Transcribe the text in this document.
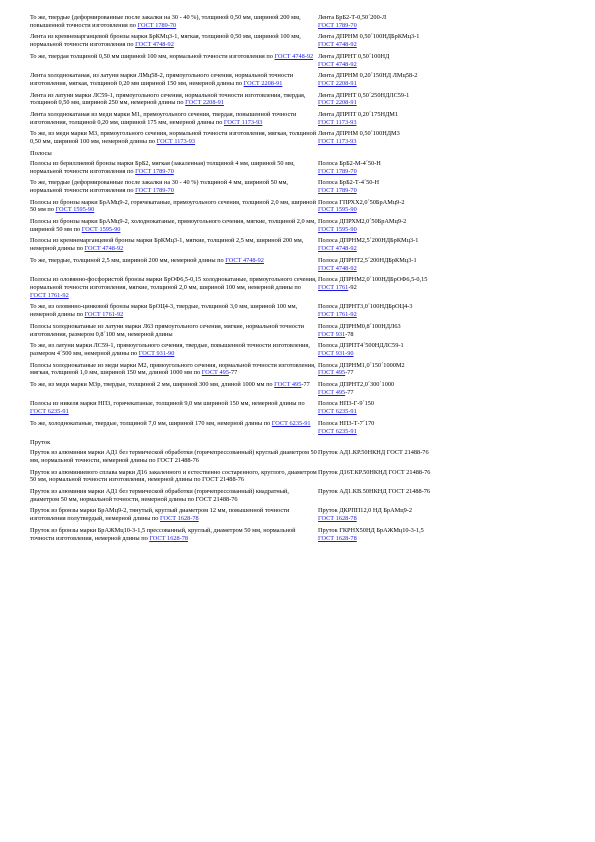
То же, твердые (деформированные после закалки на 30 - 40 %), толщиной 0,50 мм, шириной 200 мм, повышенной точности изготовления по ГОСТ 1789-70
Лента БрБ2-Т-0,50´200-Л
ГОСТ 1789-70
Лента из кремнемарганцевой бронзы марки БрКМц3-1, мягкая, толщиной 0,50 мм, шириной 100 мм, нормальной точности изготовления по ГОСТ 4748-92
Лента ДПРНМ 0,50´100НДБрКМц3-1
ГОСТ 4748-92
То же, твердая толщиной 0,50 мм шириной 100 мм, нормальной точности изготовления по ГОСТ 4748-92 Лента ДПРНТ 0,50´100НД
ГОСТ 4748-92
Лента холоднокатаная, из латуни марки ЛМц58-2, прямоугольного сечения, нормальной точности изготовления, мягкая, толщиной 0,20 мм шириной 150 мм, немерной длины по ГОСТ 2208-91
Лента ДПРНМ 0,20´150НД ЛМц58-2
ГОСТ 2208-91
Лента из латуни марки ЛС59-1, прямоугольного сечения, нормальной точности изготовления, твердая, толщиной 0,50 мм, шириной 250 мм, немерной длины по ГОСТ 2208-91
Лента ДПРНТ 0,50´250НДЛС59-1
ГОСТ 2208-91
Лента холоднокатаная из меди марки М1, прямоугольного сечения, твердая, повышенной точности изготовления, толщиной 0,20 мм, шириной 175 мм, немерной длины по ГОСТ 1173-93
Лента ДПРПТ 0,20´175НДМ1
ГОСТ 1173-93
То же, из меди марки М3, прямоугольного сечения, нормальной точности изготовления, мягкая, толщиной 0,50 мм, шириной 100 мм, немерной длины по ГОСТ 1173-93
Лента ДПРНМ 0,50´100НДМ3
ГОСТ 1173-93
Полосы
Полосы из бериллиевой бронзы марки БрБ2, мягкая (закаленная) толщиной 4 мм, шириной 50 мм, нормальной точности изготовления по ГОСТ 1789-70
Полоса БрБ2-М-4´50-Н
ГОСТ 1789-70
То же, твердые (деформированные после закалки на 30 - 40 %) толщиной 4 мм, шириной 50 мм, нормальной точности изготовления по ГОСТ 1789-70
Полоса БрБ2-Т-4´50-Н
ГОСТ 1789-70
Полосы из бронзы марки БрАМц9-2, горячекатаные, прямоугольного сечения, толщиной 2,0 мм, шириной 50 мм по ГОСТ 1595-90
Полоса ГПРХХ2,0´50БрАМц9-2
ГОСТ 1595-90
Полосы из бронзы марки БрАМц9-2, холоднокатаные, прямоугольного сечения, мягкие, толщиной 2,0 мм, шириной 50 мм по ГОСТ 1595-90
Полоса ДПРХМ2,0´50БрАМц9-2
ГОСТ 1595-90
Полосы из кремнемарганцевой бронзы марки БрКМц3-1, мягкие, толщиной 2,5 мм, шириной 200 мм, немерной длины по ГОСТ 4748-92
Полоса ДПРНМ2,5´200НДБрКМц3-1
ГОСТ 4748-92
То же, твердые, толщиной 2,5 мм, шириной 200 мм, немерной длины по ГОСТ 4748-92	Полоса ДПРНТ2,5´200НДБрКМц3-1
ГОСТ 4748-92
Полосы из оловянно-фосфористой бронзы марки БрОФ6,5-0,15 холоднокатаные, прямоугольного сечения, нормальной точности изготовления, мягкие, толщиной 2,0 мм, шириной 100 мм, немерной длины по ГОСТ 1761-92
Полоса ДПРНМ2,0´100НДБрОФ6,5-0,15
ГОСТ 1761-92
То же, из оловянно-цинковой бронзы марки БрОЦ4-3, твердые, толщиной 3,0 мм, шириной 100 мм, немерной длины по ГОСТ 1761-92
Полоса ДПРНТ3,0´100НДБрОЦ4-3
ГОСТ 1761-92
Полосы холоднокатаные из латуни марки Л63 прямоугольного сечения, мягкие, нормальной точности изготовления, размером 0,8´100 мм, немерной длины
Полоса ДПРНМ0,8´100НДЛ63
ГОСТ 931-78
То же, из латуни марки ЛС59-1, прямоугольного сечения, твердые, повышенной точности изготовления, размером 4´500 мм, немерной длины по ГОСТ 931-90
Полоса ДПРПТ4´500НДЛС59-1
ГОСТ 931-90
Полосы холоднокатаные из меди марки М2, прямоугольного сечения, нормальной точности изготовления, мягкая, толщиной 1,0 мм, шириной 150 мм, длиной 1000 мм по ГОСТ 495-77
Полоса ДПРНМ1,0´150´1000М2
ГОСТ 495-77
То же, из меди марки М3р, твердые, толщиной 2 мм, шириной 300 мм, длиной 1000 мм по ГОСТ 495-77	Полоса ДПРНТ2,0´300´1000
ГОСТ 495-77
Полосы из никеля марки НП3, горячекатаные, толщиной 9,0 мм шириной 150 мм, немерной длины по ГОСТ 6235-91
Полоса НП3-Г-9´150
ГОСТ 6235-91
То же, холоднокатаные, твердые, толщиной 7,0 мм, шириной 170 мм, немерной длины по ГОСТ 6235-91	Полоса НП3-Т-7´170
ГОСТ 6235-91
Пруток
Пруток из алюминия марки АД1 без термической обработки (горячепрессованный) круглый диаметром 50 мм, нормальной точности, немерной длины по ГОСТ 21488-76
Пруток АД1.КР.50НКНД ГОСТ 21488-76
Пруток из алюминиевого сплава марки Д16 закаленного и естественно состаренного, круглого, диаметром 50 мм, нормальной точности изготовления, немерной длины по ГОСТ 21488-76
Пруток Д16Т.КР.50НКНД ГОСТ 21488-76
Пруток из алюминия марки АД1 без термической обработки (горячепрессованный) квадратный, диаметром 50 мм, нормальной точности, немерной длины по ГОСТ 21488-76
Пруток АД1.КВ.50НКНД ГОСТ 21488-76
Пруток из бронзы марки БрАМц9-2, тянутый, круглый диаметром 12 мм, повышенной точности изготовления полутвердый, немерной длины по ГОСТ 1628-78
Пруток ДКРПП12,0 НД БрАМц9-2
ГОСТ 1628-78
Пруток из бронзы марки БрАЖМц10-3-1,5 прессованный, круглый, диаметром 50 мм, нормальной точности изготовления, немерной длины по ГОСТ 1628-78
Пруток ГКРНХ50НД БрАЖМц10-3-1,5
ГОСТ 1628-78
